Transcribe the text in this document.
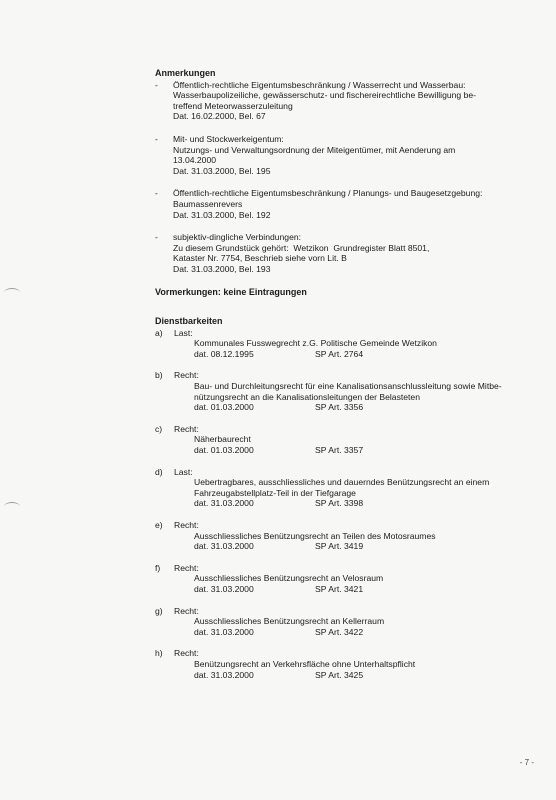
Anmerkungen
-	Öffentlich-rechtliche Eigentumsbeschränkung / Wasserrecht und Wasserbau:
Wasserbaupolizeiliche, gewässerschutz- und fischereirechtliche Bewilligung be-
treffend Meteorwasserzuleitung
Dat. 16.02.2000, Bel. 67
-	Mit- und Stockwerkeigentum:
Nutzungs- und Verwaltungsordnung der Miteigentümer, mit Aenderung am
13.04.2000
Dat. 31.03.2000, Bel. 195
-	Öffentlich-rechtliche Eigentumsbeschränkung / Planungs- und Baugesetzgebung:
Baumassenrevers
Dat. 31.03.2000, Bel. 192
-	subjektiv-dingliche Verbindungen:
Zu diesem Grundstück gehört:  Wetzikon  Grundregister Blatt 8501,
Kataster Nr. 7754, Beschrieb siehe vorn Lit. B
Dat. 31.03.2000, Bel. 193
Vormerkungen: keine Eintragungen
Dienstbarkeiten
a)	Last:
Kommunales Fusswegrecht z.G. Politische Gemeinde Wetzikon
dat. 08.12.1995	SP Art. 2764
b)	Recht:
Bau- und Durchleitungsrecht für eine Kanalisationsanschlussleitung sowie Mitbe-
nützungsrecht an die Kanalisationsleitungen der Belasteten
dat. 01.03.2000	SP Art. 3356
c)	Recht:
Näherbaurecht
dat. 01.03.2000	SP Art. 3357
d)	Last:
Uebertragbares, ausschliessliches und dauerndes Benützungsrecht an einem
Fahrzeugabstellplatz-Teil in der Tiefgarage
dat. 31.03.2000	SP Art. 3398
e)	Recht:
Ausschliessliches Benützungsrecht an Teilen des Motosraumes
dat. 31.03.2000	SP Art. 3419
f)	Recht:
Ausschliessliches Benützungsrecht an Velosraum
dat. 31.03.2000	SP Art. 3421
g)	Recht:
Ausschliessliches Benützungsrecht an Kellerraum
dat. 31.03.2000	SP Art. 3422
h)	Recht:
Benützungsrecht an Verkehrsfläche ohne Unterhaltspflicht
dat. 31.03.2000	SP Art. 3425
- 7 -
